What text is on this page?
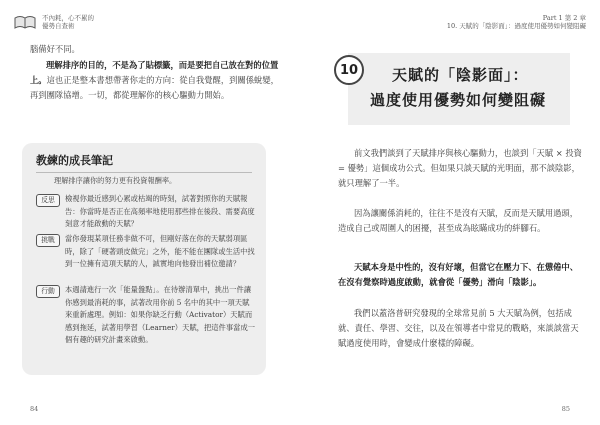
不內耗，心不累的
優勢自查術
腦備好不同。
理解排序的目的，不是為了貼標籤，而是要把自己放在對的位置上。這也正是整本書想帶著你走的方向：從自我覺醒，到關係蛻變，再到團隊協增。一切，都從理解你的核心驅動力開始。
教練的成長筆記
理解排序讓你的努力更有投資報酬率。
反思	檢視你最近感到心累或枯竭的時刻，試著對照你的天賦報告：你當時是否正在高頻率地使用那些排在後段、需要高度刻意才能啟動的天賦？
挑戰	當你發現某項任務非做不可，但剛好落在你的天賦弱項區時，除了「硬著頭皮做完」之外，能不能在團隊或生活中找到一位擁有這項天賦的人，誠實地向他發出補位邀請？
行動	本週請進行一次「能量盤點」。在待辦清單中，挑出一件讓你感到最消耗的事，試著改用你前 5 名中的其中一項天賦來重新處理。例如：如果你缺乏行動（Activator）天賦而感到拖延，試著用學習（Learner）天賦，把這件事當成一個有趣的研究計畫來啟動。
84
Part 1 第 2 章
10. 天賦的「陰影面」：過度使用優勢如何變阻礙
10	天賦的「陰影面」：
過度使用優勢如何變阻礙
前文我們談到了天賦排序與核心驅動力，也談到「天賦 × 投資 = 優勢」這個成功公式。但如果只談天賦的光明面，那不談陰影，就只理解了一半。
因為讓關係消耗的，往往不是沒有天賦，反而是天賦用過頭，造成自己或周圍人的困擾，甚至成為眩瞞成功的絆腳石。
天賦本身是中性的，沒有好壞，但當它在壓力下、在憊倦中、在沒有覺察時過度啟動，就會從「優勢」滑向「陰影」。
我們以蓋洛普研究發現的全球常見前 5 大天賦為例，包括成就、責任、學習、交往，以及在領導者中常見的戰略，來談談當天賦過度使用時，會變成什麼樣的障礙。
85
